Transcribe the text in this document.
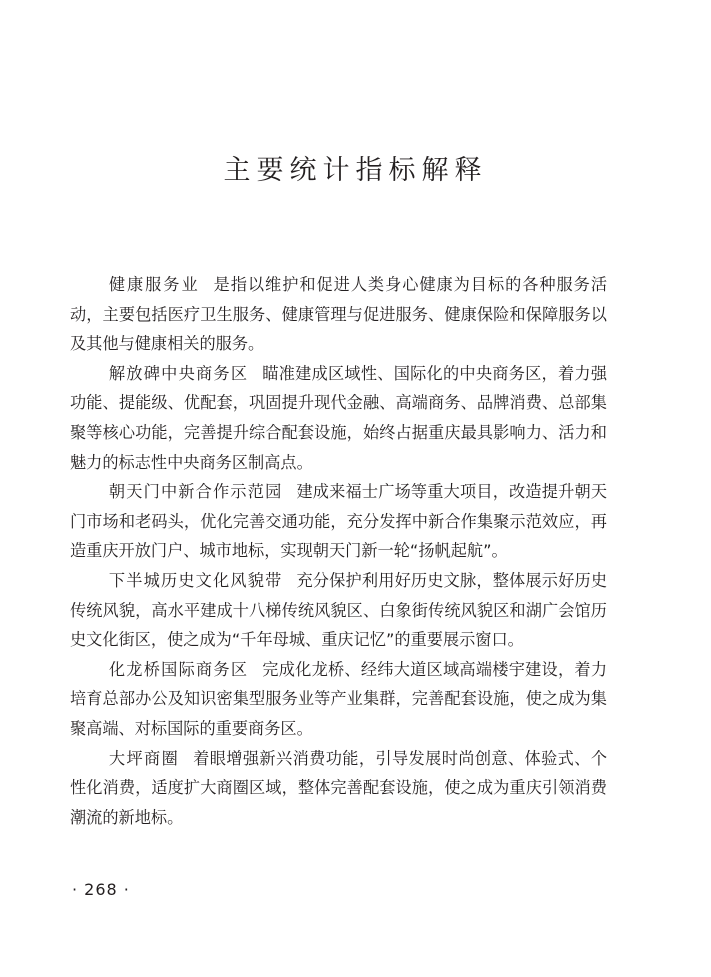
主要统计指标解释

健康服务业 是指以维护和促进人类身心健康为目标的各种服务活动，主要包括医疗卫生服务、健康管理与促进服务、健康保险和保障服务以及其他与健康相关的服务。

解放碑中央商务区 瞄准建成区域性、国际化的中央商务区，着力强功能、提能级、优配套，巩固提升现代金融、高端商务、品牌消费、总部集聚等核心功能，完善提升综合配套设施，始终占据重庆最具影响力、活力和魅力的标志性中央商务区制高点。

朝天门中新合作示范园 建成来福士广场等重大项目，改造提升朝天门市场和老码头，优化完善交通功能，充分发挥中新合作集聚示范效应，再造重庆开放门户、城市地标，实现朝天门新一轮“扬帆起航”。

下半城历史文化风貌带 充分保护利用好历史文脉，整体展示好历史传统风貌，高水平建成十八梯传统风貌区、白象街传统风貌区和湖广会馆历史文化街区，使之成为“千年母城、重庆记忆”的重要展示窗口。

化龙桥国际商务区 完成化龙桥、经纬大道区域高端楼宇建设，着力培育总部办公及知识密集型服务业等产业集群，完善配套设施，使之成为集聚高端、对标国际的重要商务区。

大坪商圈 着眼增强新兴消费功能，引导发展时尚创意、体验式、个性化消费，适度扩大商圈区域，整体完善配套设施，使之成为重庆引领消费潮流的新地标。

· 268 ·
